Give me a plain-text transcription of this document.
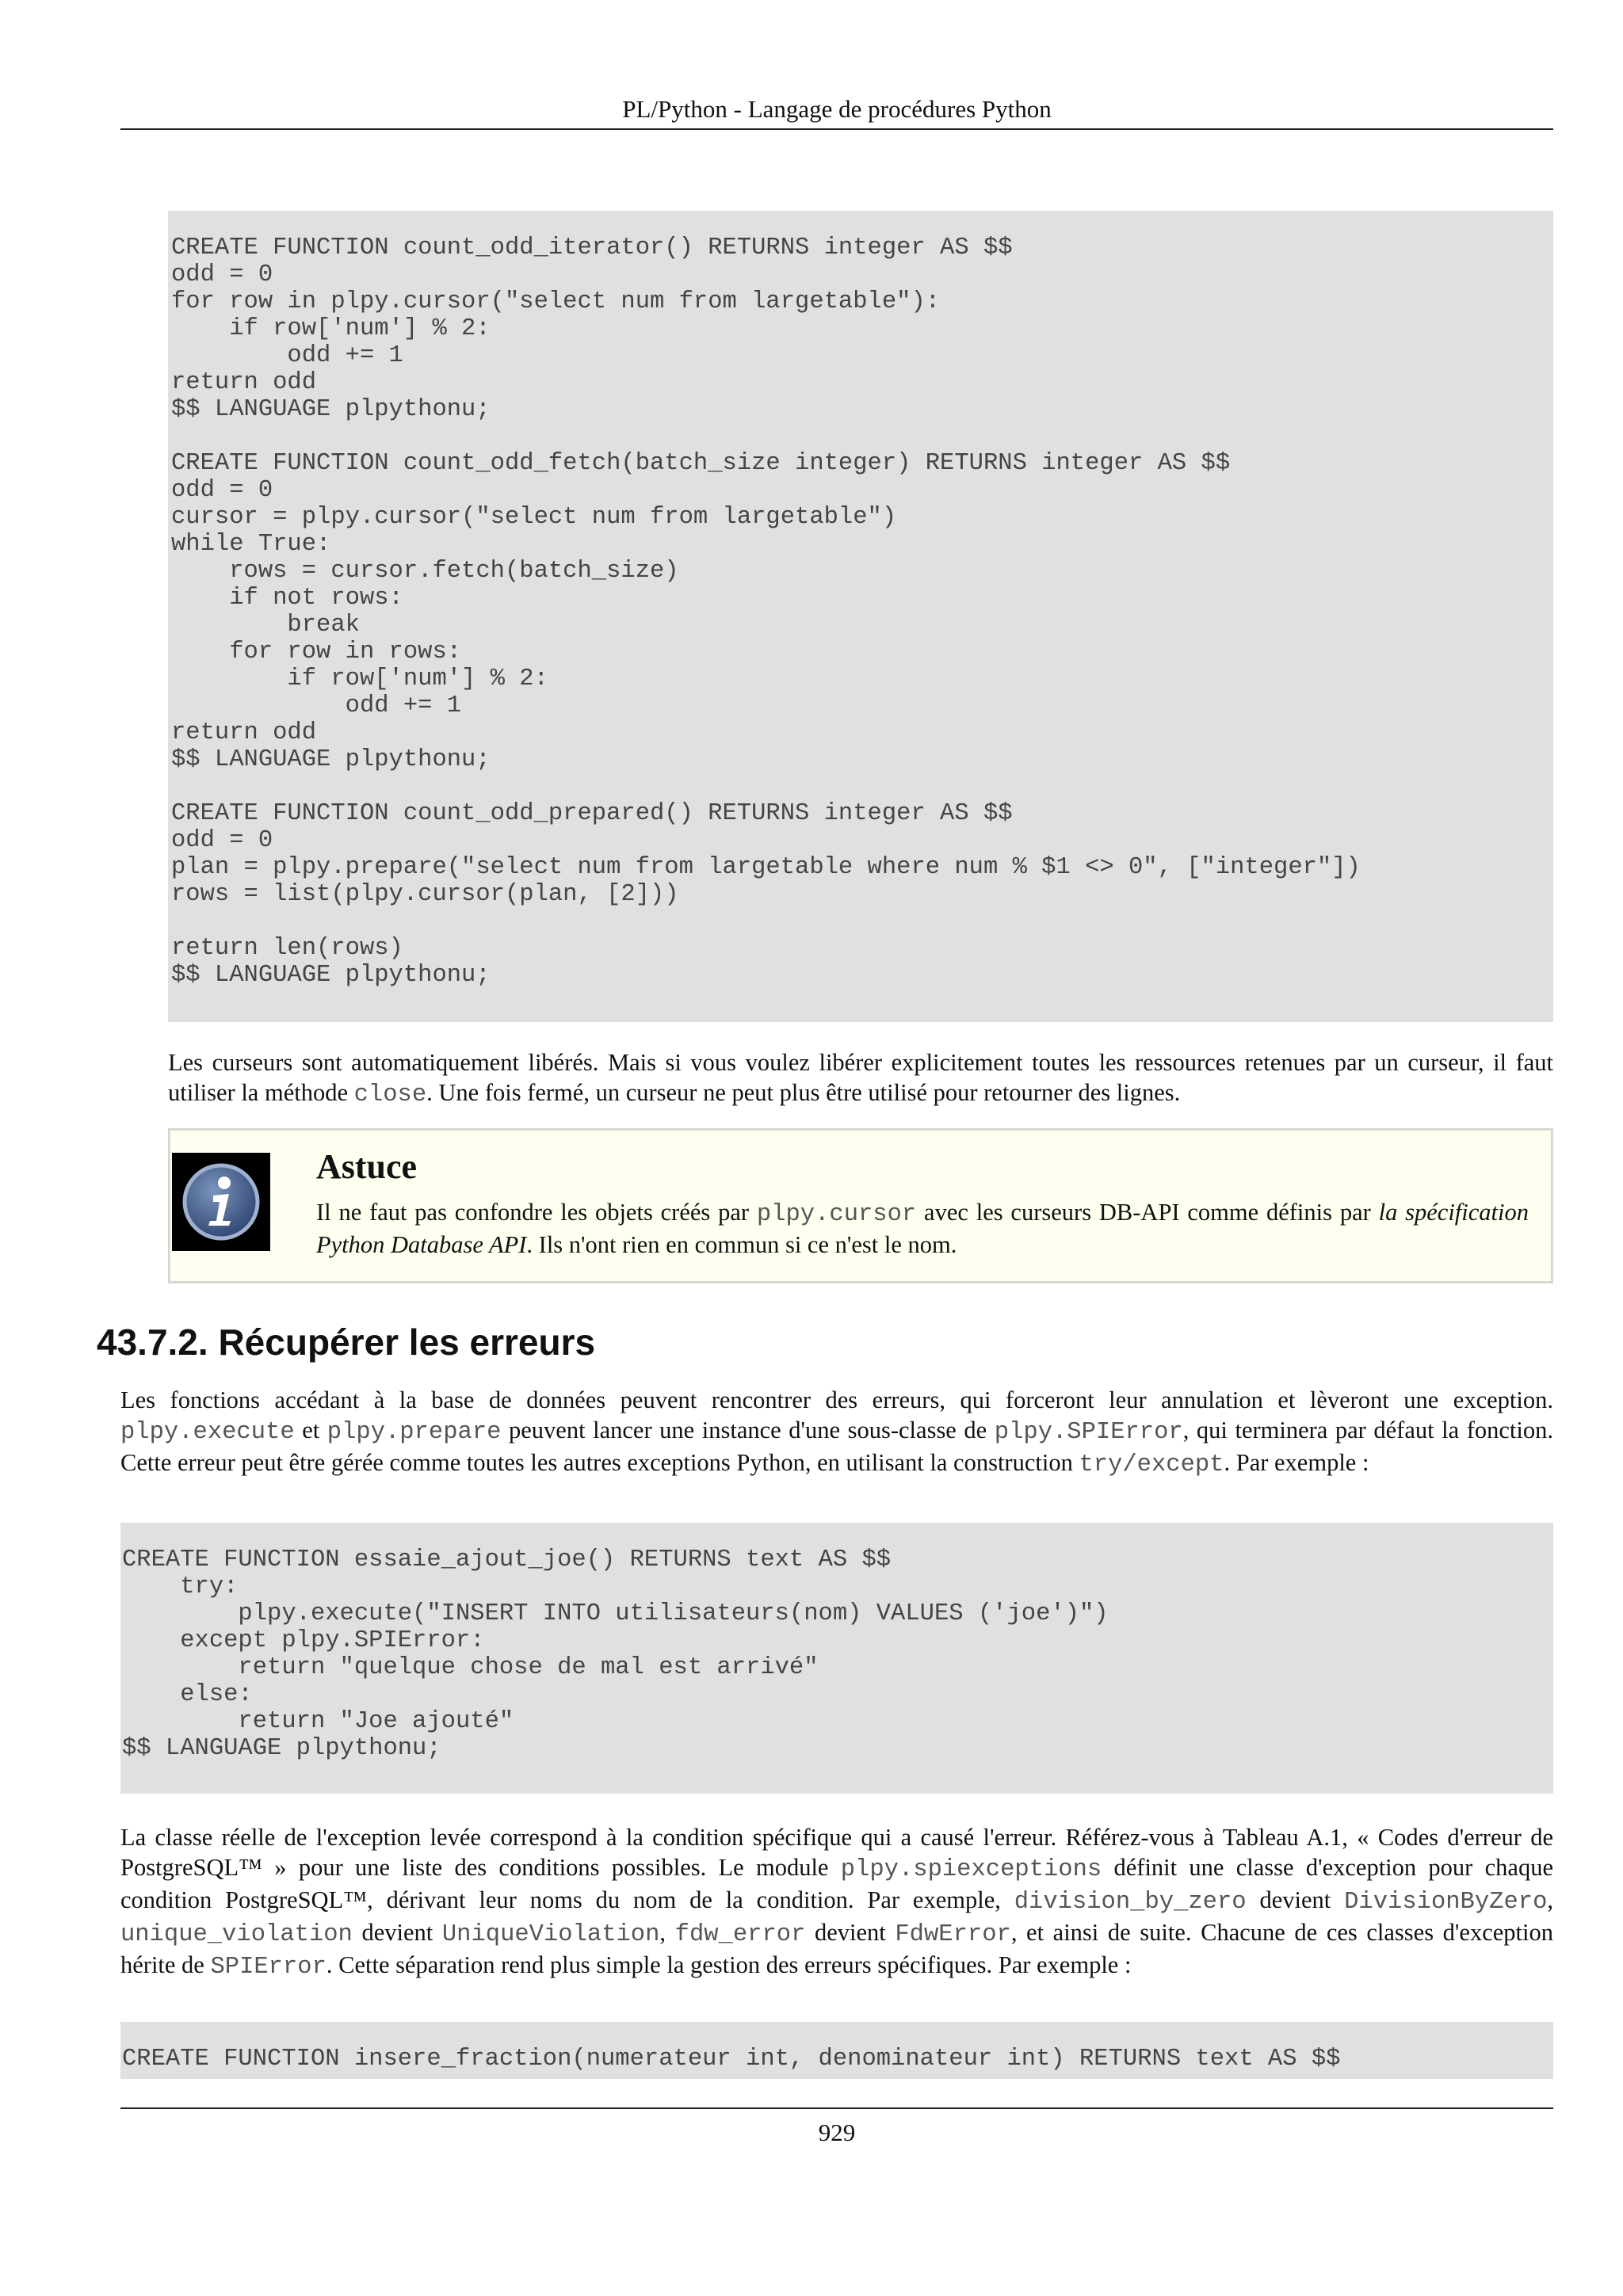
PL/Python - Langage de procédures Python
CREATE FUNCTION count_odd_iterator() RETURNS integer AS $$
odd = 0
for row in plpy.cursor("select num from largetable"):
if row['num'] % 2:
odd += 1
return odd
$$ LANGUAGE plpythonu;

CREATE FUNCTION count_odd_fetch(batch_size integer) RETURNS integer AS $$
odd = 0
cursor = plpy.cursor("select num from largetable")
while True:
rows = cursor.fetch(batch_size)
if not rows:
break
for row in rows:
if row['num'] % 2:
odd += 1
return odd
$$ LANGUAGE plpythonu;

CREATE FUNCTION count_odd_prepared() RETURNS integer AS $$
odd = 0
plan = plpy.prepare("select num from largetable where num % $1 <> 0", ["integer"])
rows = list(plpy.cursor(plan, [2]))

return len(rows)
$$ LANGUAGE plpythonu;
Les curseurs sont automatiquement libérés. Mais si vous voulez libérer explicitement toutes les ressources retenues par un curseur, il faut utiliser la méthode close. Une fois fermé, un curseur ne peut plus être utilisé pour retourner des lignes.
Astuce
Il ne faut pas confondre les objets créés par plpy.cursor avec les curseurs DB-API comme définis par la spécification Python Database API. Ils n'ont rien en commun si ce n'est le nom.
43.7.2. Récupérer les erreurs
Les fonctions accédant à la base de données peuvent rencontrer des erreurs, qui forceront leur annulation et lèveront une exception. plpy.execute et plpy.prepare peuvent lancer une instance d'une sous-classe de plpy.SPIError, qui terminera par défaut la fonction. Cette erreur peut être gérée comme toutes les autres exceptions Python, en utilisant la construction try/except. Par exemple :
CREATE FUNCTION essaie_ajout_joe() RETURNS text AS $$
try:
plpy.execute("INSERT INTO utilisateurs(nom) VALUES ('joe')")
except plpy.SPIError:
return "quelque chose de mal est arrivé"
else:
return "Joe ajouté"
$$ LANGUAGE plpythonu;
La classe réelle de l'exception levée correspond à la condition spécifique qui a causé l'erreur. Référez-vous à Tableau A.1, « Codes d'erreur de PostgreSQL™ » pour une liste des conditions possibles. Le module plpy.spiexceptions définit une classe d'exception pour chaque condition PostgreSQL™, dérivant leur noms du nom de la condition. Par exemple, division_by_zero devient DivisionByZero, unique_violation devient UniqueViolation, fdw_error devient FdwError, et ainsi de suite. Chacune de ces classes d'exception hérite de SPIError. Cette séparation rend plus simple la gestion des erreurs spécifiques. Par exemple :
CREATE FUNCTION insere_fraction(numerateur int, denominateur int) RETURNS text AS $$
929
